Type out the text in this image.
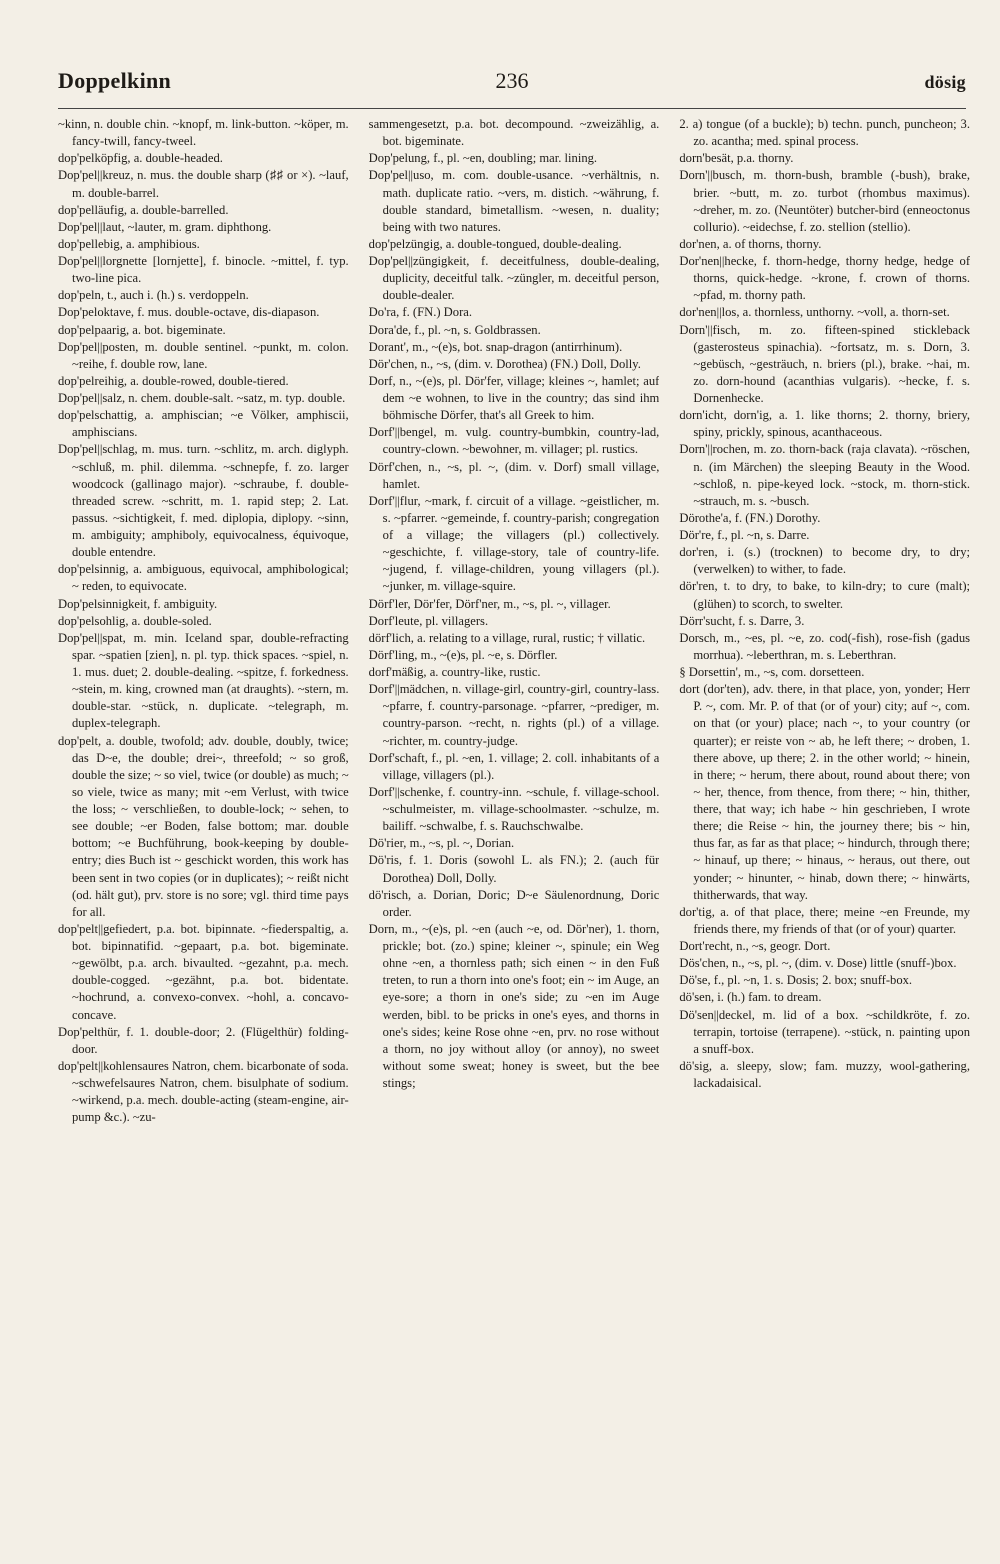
Doppelkinn	236	dösig

~kinn, n. double chin. ~knopf, m. link-button. ~köper, m. fancy-twill, fancy-tweel.

dop'pelköpfig, a. double-headed.

Dop'pel||kreuz, n. mus. the double sharp (♯♯ or ×). ~lauf, m. double-barrel.

dop'pelläufig, a. double-barrelled.

Dop'pel||laut, ~lauter, m. gram. diphthong.

dop'pellebig, a. amphibious.

Dop'pel||lorgnette [lornjette], f. binocle. ~mittel, f. typ. two-line pica.

dop'peln, t., auch i. (h.) s. verdoppeln.

Dop'peloktave, f. mus. double-octave, dis-diapason.

dop'pelpaarig, a. bot. bigeminate.

Dop'pel||posten, m. double sentinel. ~punkt, m. colon. ~reihe, f. double row, lane.

dop'pelreihig, a. double-rowed, double-tiered.

Dop'pel||salz, n. chem. double-salt. ~satz, m. typ. double.

dop'pelschattig, a. amphiscian; ~e Völker, amphiscii, amphiscians.

Dop'pel||schlag, m. mus. turn. ~schlitz, m. arch. diglyph. ~schluß, m. phil. dilemma. ~schnepfe, f. zo. larger woodcock (gallinago major). ~schraube, f. double-threaded screw. ~schritt, m. 1. rapid step; 2. Lat. passus. ~sichtigkeit, f. med. diplopia, diplopy. ~sinn, m. ambiguity; amphiboly, equivocalness, équivoque, double entendre.

dop'pelsinnig, a. ambiguous, equivocal, amphibological; ~ reden, to equivocate.

Dop'pelsinnigkeit, f. ambiguity.

dop'pelsohlig, a. double-soled.

Dop'pel||spat, m. min. Iceland spar, double-refracting spar. ~spatien [zien], n. pl. typ. thick spaces. ~spiel, n. 1. mus. duet; 2. double-dealing. ~spitze, f. forkedness. ~stein, m. king, crowned man (at draughts). ~stern, m. double-star. ~stück, n. duplicate. ~telegraph, m. duplex-telegraph.

dop'pelt, a. double, twofold; adv. double, doubly, twice; das D~e, the double; drei~, threefold; ~ so groß, double the size; ~ so viel, twice (or double) as much; ~ so viele, twice as many; mit ~em Verlust, with twice the loss; ~ verschließen, to double-lock; ~ sehen, to see double; ~er Boden, false bottom; mar. double bottom; ~e Buchführung, book-keeping by double-entry; dies Buch ist ~ geschickt worden, this work has been sent in two copies (or in duplicates); ~ reißt nicht (od. hält gut), prv. store is no sore; vgl. third time pays for all.

dop'pelt||gefiedert, p.a. bot. bipinnate. ~fiederspaltig, a. bot. bipinnatifid. ~gepaart, p.a. bot. bigeminate. ~gewölbt, p.a. arch. bivaulted. ~gezahnt, p.a. mech. double-cogged. ~gezähnt, p.a. bot. bidentate. ~hochrund, a. convexo-convex. ~hohl, a. concavo-concave.

Dop'pelthür, f. 1. double-door; 2. (Flügelthür) folding-door.

dop'pelt||kohlensaures Natron, chem. bicarbonate of soda. ~schwefelsaures Natron, chem. bisulphate of sodium. ~wirkend, p.a. mech. double-acting (steam-engine, air-pump &c.). ~zu-

sammengesetzt, p.a. bot. decompound. ~zweizählig, a. bot. bigeminate.

Dop'pelung, f., pl. ~en, doubling; mar. lining.

Dop'pel||uso, m. com. double-usance. ~verhältnis, n. math. duplicate ratio. ~vers, m. distich. ~währung, f. double standard, bimetallism. ~wesen, n. duality; being with two natures.

dop'pelzüngig, a. double-tongued, double-dealing.

Dop'pel||züngigkeit, f. deceitfulness, double-dealing, duplicity, deceitful talk. ~züngler, m. deceitful person, double-dealer.

Do'ra, f. (FN.) Dora.

Dora'de, f., pl. ~n, s. Goldbrassen.

Dorant', m., ~(e)s, bot. snap-dragon (antirrhinum).

Dör'chen, n., ~s, (dim. v. Dorothea) (FN.) Doll, Dolly.

Dorf, n., ~(e)s, pl. Dör'fer, village; kleines ~, hamlet; auf dem ~e wohnen, to live in the country; das sind ihm böhmische Dörfer, that's all Greek to him.

Dorf'||bengel, m. vulg. country-bumbkin, country-lad, country-clown. ~bewohner, m. villager; pl. rustics.

Dörf'chen, n., ~s, pl. ~, (dim. v. Dorf) small village, hamlet.

Dorf'||flur, ~mark, f. circuit of a village. ~geistlicher, m. s. ~pfarrer. ~gemeinde, f. country-parish; congregation of a village; the villagers (pl.) collectively. ~geschichte, f. village-story, tale of country-life. ~jugend, f. village-children, young villagers (pl.). ~junker, m. village-squire.

Dörf'ler, Dör'fer, Dörf'ner, m., ~s, pl. ~, villager.

Dorf'leute, pl. villagers.

dörf'lich, a. relating to a village, rural, rustic; † villatic.

Dörf'ling, m., ~(e)s, pl. ~e, s. Dörfler.

dorf'mäßig, a. country-like, rustic.

Dorf'||mädchen, n. village-girl, country-girl, country-lass. ~pfarre, f. country-parsonage. ~pfarrer, ~prediger, m. country-parson. ~recht, n. rights (pl.) of a village. ~richter, m. country-judge.

Dorf'schaft, f., pl. ~en, 1. village; 2. coll. inhabitants of a village, villagers (pl.).

Dorf'||schenke, f. country-inn. ~schule, f. village-school. ~schulmeister, m. village-schoolmaster. ~schulze, m. bailiff. ~schwalbe, f. s. Rauchschwalbe.

Dö'rier, m., ~s, pl. ~, Dorian.

Dö'ris, f. 1. Doris (sowohl L. als FN.); 2. (auch für Dorothea) Doll, Dolly.

dö'risch, a. Dorian, Doric; D~e Säulenordnung, Doric order.

Dorn, m., ~(e)s, pl. ~en (auch ~e, od. Dör'ner), 1. thorn, prickle; bot. (zo.) spine; kleiner ~, spinule; ein Weg ohne ~en, a thornless path; sich einen ~ in den Fuß treten, to run a thorn into one's foot; ein ~ im Auge, an eye-sore; a thorn in one's side; zu ~en im Auge werden, bibl. to be pricks in one's eyes, and thorns in one's sides; keine Rose ohne ~en, prv. no rose without a thorn, no joy without alloy (or annoy), no sweet without some sweat; honey is sweet, but the bee stings;

2. a) tongue (of a buckle); b) techn. punch, puncheon; 3. zo. acantha; med. spinal process.

dorn'besät, p.a. thorny.

Dorn'||busch, m. thorn-bush, bramble (-bush), brake, brier. ~butt, m. zo. turbot (rhombus maximus). ~dreher, m. zo. (Neuntöter) butcher-bird (enneoctonus collurio). ~eidechse, f. zo. stellion (stellio).

dor'nen, a. of thorns, thorny.

Dor'nen||hecke, f. thorn-hedge, thorny hedge, hedge of thorns, quick-hedge. ~krone, f. crown of thorns. ~pfad, m. thorny path.

dor'nen||los, a. thornless, unthorny. ~voll, a. thorn-set.

Dorn'||fisch, m. zo. fifteen-spined stickleback (gasterosteus spinachia). ~fortsatz, m. s. Dorn, 3. ~gebüsch, ~gesträuch, n. briers (pl.), brake. ~hai, m. zo. dorn-hound (acanthias vulgaris). ~hecke, f. s. Dornenhecke.

dorn'icht, dorn'ig, a. 1. like thorns; 2. thorny, briery, spiny, prickly, spinous, acanthaceous.

Dorn'||rochen, m. zo. thorn-back (raja clavata). ~röschen, n. (im Märchen) the sleeping Beauty in the Wood. ~schloß, n. pipe-keyed lock. ~stock, m. thorn-stick. ~strauch, m. s. ~busch.

Dörothe'a, f. (FN.) Dorothy.

Dör're, f., pl. ~n, s. Darre.

dor'ren, i. (s.) (trocknen) to become dry, to dry; (verwelken) to wither, to fade.

dör'ren, t. to dry, to bake, to kiln-dry; to cure (malt); (glühen) to scorch, to swelter.

Dörr'sucht, f. s. Darre, 3.

Dorsch, m., ~es, pl. ~e, zo. cod(-fish), rose-fish (gadus morrhua). ~leberthran, m. s. Leberthran.

§ Dorsettin', m., ~s, com. dorsetteen.

dort (dor'ten), adv. there, in that place, yon, yonder; Herr P. ~, com. Mr. P. of that (or of your) city; auf ~, com. on that (or your) place; nach ~, to your country (or quarter); er reiste von ~ ab, he left there; ~ droben, 1. there above, up there; 2. in the other world; ~ hinein, in there; ~ herum, there about, round about there; von ~ her, thence, from thence, from there; ~ hin, thither, there, that way; ich habe ~ hin geschrieben, I wrote there; die Reise ~ hin, the journey there; bis ~ hin, thus far, as far as that place; ~ hindurch, through there; ~ hinauf, up there; ~ hinaus, ~ heraus, out there, out yonder; ~ hinunter, ~ hinab, down there; ~ hinwärts, thitherwards, that way.

dor'tig, a. of that place, there; meine ~en Freunde, my friends there, my friends of that (or of your) quarter.

Dort'recht, n., ~s, geogr. Dort.

Dös'chen, n., ~s, pl. ~, (dim. v. Dose) little (snuff-)box.

Dö'se, f., pl. ~n, 1. s. Dosis; 2. box; snuff-box.

dö'sen, i. (h.) fam. to dream.

Dö'sen||deckel, m. lid of a box. ~schildkröte, f. zo. terrapin, tortoise (terrapene). ~stück, n. painting upon a snuff-box.

dö'sig, a. sleepy, slow; fam. muzzy, wool-gathering, lackadaisical.
